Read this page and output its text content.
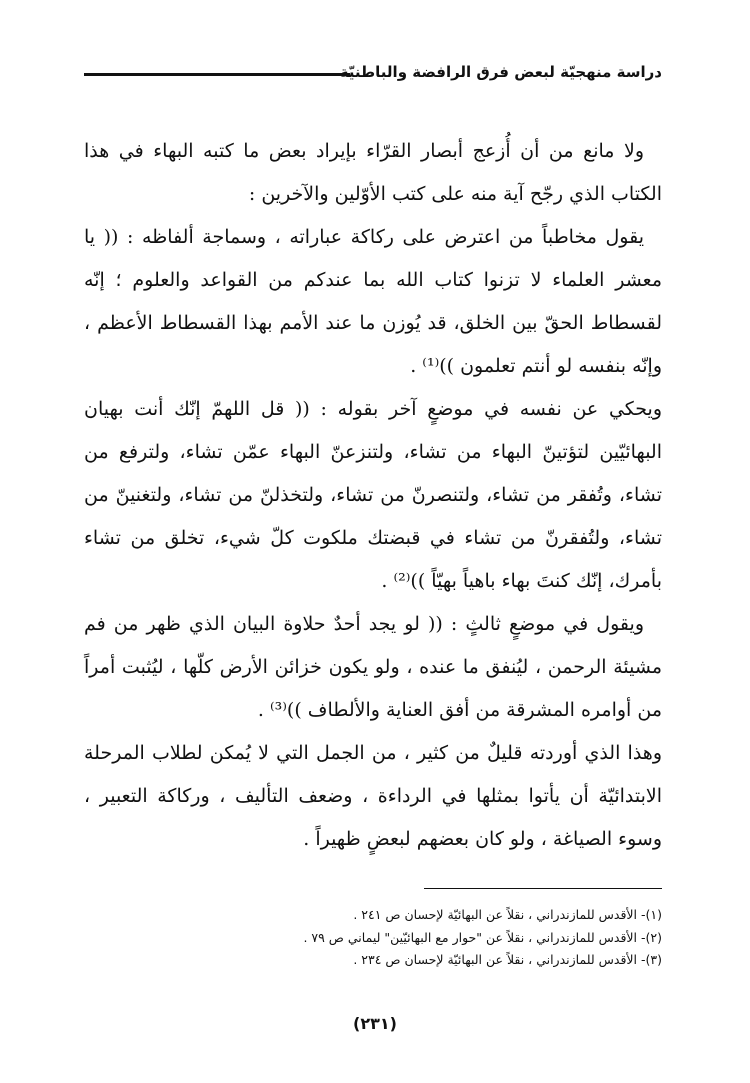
دراسة منهجيّة لبعض فرق الرافضة والباطنيّة

ولا مانع من أن أُزعج أبصار القرّاء بإيراد بعض ما كتبه البهاء في هذا الكتاب الذي رجّح آية منه على كتب الأوّلين والآخرين :

يقول مخاطباً من اعترض على ركاكة عباراته ، وسماجة ألفاظه : (( يا معشر العلماء لا تزنوا كتاب الله بما عندكم من القواعد والعلوم ؛ إنّه لقسطاط الحقّ بين الخلق، قد يُوزن ما عند الأمم بهذا القسطاط الأعظم ، وإنّه بنفسه لو أنتم تعلمون ))⁽¹⁾ .

ويحكي عن نفسه في موضعٍ آخر بقوله : (( قل اللهمّ إنّك أنت بهيان البهائيّين لتؤتينّ البهاء من تشاء، ولتنزعنّ البهاء عمّن تشاء، ولترفع من تشاء، وتُفقر من تشاء، ولتنصرنّ من تشاء، ولتخذلنّ من تشاء، ولتغنينّ من تشاء، ولتُفقرنّ من تشاء في قبضتك ملكوت كلّ شيء، تخلق من تشاء بأمرك، إنّك كنتَ بهاء باهياً بهيّاً ))⁽²⁾ .

ويقول في موضعٍ ثالثٍ : (( لو يجد أحدٌ حلاوة البيان الذي ظهر من فم مشيئة الرحمن ، ليُنفق ما عنده ، ولو يكون خزائن الأرض كلّها ، ليُثبت أمراً من أوامره المشرقة من أفق العناية والألطاف ))⁽³⁾ .

وهذا الذي أوردته قليلٌ من كثير ، من الجمل التي لا يُمكن لطلاب المرحلة الابتدائيّة أن يأتوا بمثلها في الرداءة ، وضعف التأليف ، وركاكة التعبير ، وسوء الصياغة ، ولو كان بعضهم لبعضٍ ظهيراً .

(١)- الأقدس للمازندراني ، نقلاً عن البهائيّة لإحسان ص ٢٤١ .

(٢)- الأقدس للمازندراني ، نقلاً عن "حوار مع البهائيّين" ليماني ص ٧٩ .

(٣)- الأقدس للمازندراني ، نقلاً عن البهائيّة لإحسان ص ٢٣٤ .

(٢٣١)
